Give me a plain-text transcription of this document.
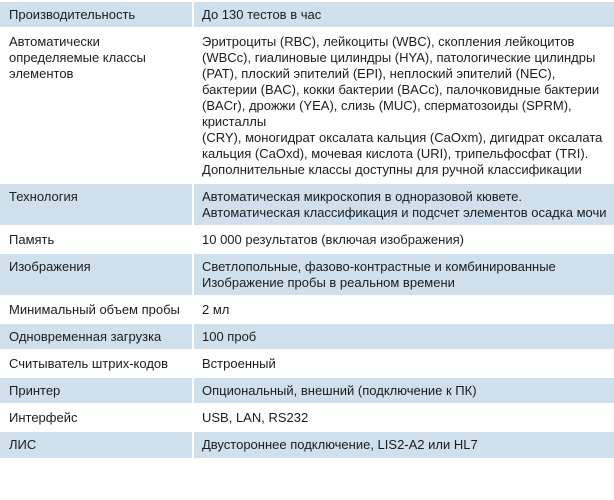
Производительность	До 130 тестов в час

Автоматически определяемые классы элементов	Эритроциты (RBC), лейкоциты (WBC), скопления лейкоцитов (WBCc), гиалиновые цилиндры (HYA), патологические цилиндры (PAT), плоский эпителий (EPI), неплоский эпителий (NEC), бактерии (BAC), кокки бактерии (BACc), палочковидные бактерии (BACr), дрожжи (YEA), слизь (MUC), сперматозоиды (SPRM), кристаллы
(CRY), моногидрат оксалата кальция (CaOxm), дигидрат оксалата кальция (CaOxd), мочевая кислота (URI), трипельфосфат (TRI).
Дополнительные классы доступны для ручной классификации

Технология	Автоматическая микроскопия в одноразовой кювете.
Автоматическая классификация и подсчет элементов осадка мочи

Память	10 000 результатов (включая изображения)

Изображения	Светлопольные, фазово-контрастные и комбинированные
Изображение пробы в реальном времени

Минимальный объем пробы	2 мл

Одновременная загрузка	100 проб

Считыватель штрих-кодов	Встроенный

Принтер	Опциональный, внешний (подключение к ПК)

Интерфейс	USB, LAN, RS232

ЛИС	Двустороннее подключение, LIS2-A2 или HL7
